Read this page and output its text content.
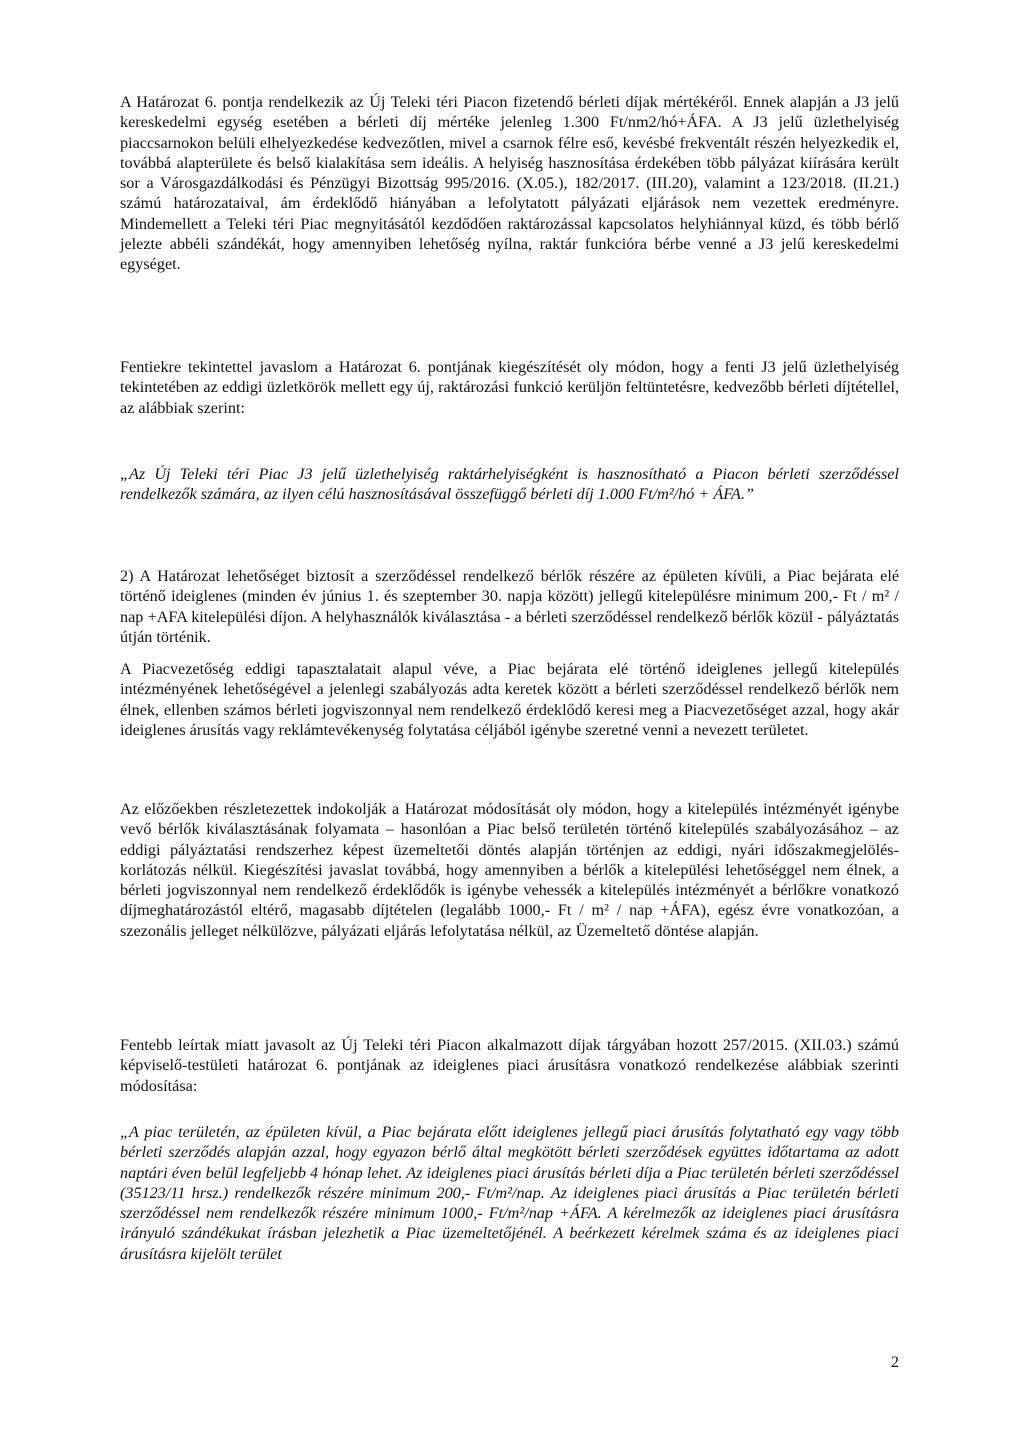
A Határozat 6. pontja rendelkezik az Új Teleki téri Piacon fizetendő bérleti díjak mértékéről. Ennek alapján a J3 jelű kereskedelmi egység esetében a bérleti díj mértéke jelenleg 1.300 Ft/nm2/hó+ÁFA. A J3 jelű üzlethelyiség piaccsarnokon belüli elhelyezkedése kedvezőtlen, mivel a csarnok félre eső, kevésbé frekventált részén helyezkedik el, továbbá alapterülete és belső kialakítása sem ideális. A helyiség hasznosítása érdekében több pályázat kiírására került sor a Városgazdálkodási és Pénzügyi Bizottság 995/2016. (X.05.), 182/2017. (III.20), valamint a 123/2018. (II.21.) számú határozataival, ám érdeklődő hiányában a lefolytatott pályázati eljárások nem vezettek eredményre. Mindemellett a Teleki téri Piac megnyitásától kezdődően raktározással kapcsolatos helyhiánnyal küzd, és több bérlő jelezte abbéli szándékát, hogy amennyiben lehetőség nyílna, raktár funkcióra bérbe venné a J3 jelű kereskedelmi egységet.

Fentiekre tekintettel javaslom a Határozat 6. pontjának kiegészítését oly módon, hogy a fenti J3 jelű üzlethelyiség tekintetében az eddigi üzletkörök mellett egy új, raktározási funkció kerüljön feltüntetésre, kedvezőbb bérleti díjtétellel, az alábbiak szerint:

„Az Új Teleki téri Piac J3 jelű üzlethelyiség raktárhelyiségként is hasznosítható a Piacon bérleti szerződéssel rendelkezők számára, az ilyen célú hasznosításával összefüggő bérleti díj 1.000 Ft/m²/hó + ÁFA.”

2) A Határozat lehetőséget biztosít a szerződéssel rendelkező bérlők részére az épületen kívüli, a Piac bejárata elé történő ideiglenes (minden év június 1. és szeptember 30. napja között) jellegű kitelepülésre minimum 200,- Ft / m² / nap +AFA kitelepülési díjon. A helyhasználók kiválasztása - a bérleti szerződéssel rendelkező bérlők közül - pályáztatás útján történik.

A Piacvezetőség eddigi tapasztalatait alapul véve, a Piac bejárata elé történő ideiglenes jellegű kitelepülés intézményének lehetőségével a jelenlegi szabályozás adta keretek között a bérleti szerződéssel rendelkező bérlők nem élnek, ellenben számos bérleti jogviszonnyal nem rendelkező érdeklődő keresi meg a Piacvezetőséget azzal, hogy akár ideiglenes árusítás vagy reklámtevékenység folytatása céljából igénybe szeretné venni a nevezett területet.

Az előzőekben részletezettek indokolják a Határozat módosítását oly módon, hogy a kitelepülés intézményét igénybe vevő bérlők kiválasztásának folyamata – hasonlóan a Piac belső területén történő kitelepülés szabályozásához – az eddigi pályáztatási rendszerhez képest üzemeltetői döntés alapján történjen az eddigi, nyári időszakmegjelölés-korlátozás nélkül. Kiegészítési javaslat továbbá, hogy amennyiben a bérlők a kitelepülési lehetőséggel nem élnek, a bérleti jogviszonnyal nem rendelkező érdeklődők is igénybe vehessék a kitelepülés intézményét a bérlőkre vonatkozó díjmeghatározástól eltérő, magasabb díjtételen (legalább 1000,- Ft / m² / nap +ÁFA), egész évre vonatkozóan, a szezonális jelleget nélkülözve, pályázati eljárás lefolytatása nélkül, az Üzemeltető döntése alapján.

Fentebb leírtak miatt javasolt az Új Teleki téri Piacon alkalmazott díjak tárgyában hozott 257/2015. (XII.03.) számú képviselő-testületi határozat 6. pontjának az ideiglenes piaci árusításra vonatkozó rendelkezése alábbiak szerinti módosítása:

„A piac területén, az épületen kívül, a Piac bejárata előtt ideiglenes jellegű piaci árusítás folytatható egy vagy több bérleti szerződés alapján azzal, hogy egyazon bérlő által megkötött bérleti szerződések együttes időtartama az adott naptári éven belül legfeljebb 4 hónap lehet. Az ideiglenes piaci árusítás bérleti díja a Piac területén bérleti szerződéssel (35123/11 hrsz.) rendelkezők részére minimum 200,- Ft/m²/nap. Az ideiglenes piaci árusítás a Piac területén bérleti szerződéssel nem rendelkezők részére minimum 1000,- Ft/m²/nap +ÁFA. A kérelmezők az ideiglenes piaci árusításra irányuló szándékukat írásban jelezhetik a Piac üzemeltetőjénél. A beérkezett kérelmek száma és az ideiglenes piaci árusításra kijelölt terület

2
